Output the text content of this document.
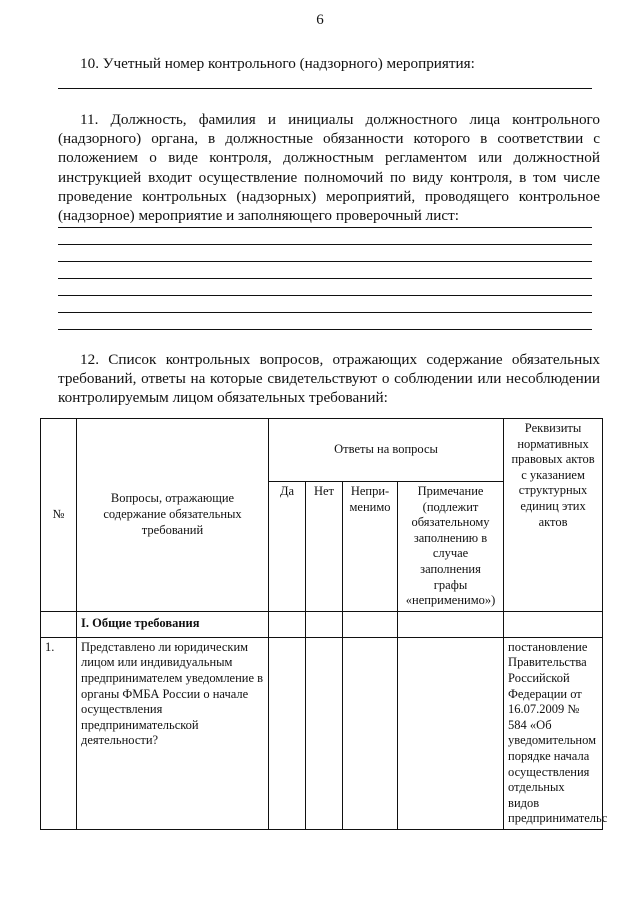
6

10. Учетный номер контрольного (надзорного) мероприятия:

11. Должность, фамилия и инициалы должностного лица контрольного (надзорного) органа, в должностные обязанности которого в соответствии с положением о виде контроля, должностным регламентом или должностной инструкцией входит осуществление полномочий по виду контроля, в том числе проведение контрольных (надзорных) мероприятий, проводящего контрольное (надзорное) мероприятие и заполняющего проверочный лист:

12. Список контрольных вопросов, отражающих содержание обязательных требований, ответы на которые свидетельствуют о соблюдении или несоблюдении контролируемым лицом обязательных требований:

№	Вопросы, отражающие содержание обязательных требований	Ответы на вопросы				Реквизиты нормативных правовых актов с указанием структурных единиц этих актов
		Да	Нет	Непри-менимо	Примечание (подлежит обязательному заполнению в случае заполнения графы «неприменимо»)	
	I. Общие требования					
1.	Представлено ли юридическим лицом или индивидуальным предпринимателем уведомление в органы ФМБА России о начале осуществления предпринимательской деятельности?					постановление Правительства Российской Федерации от 16.07.2009 № 584 «Об уведомительном порядке начала осуществления отдельных видов предпринимательс
